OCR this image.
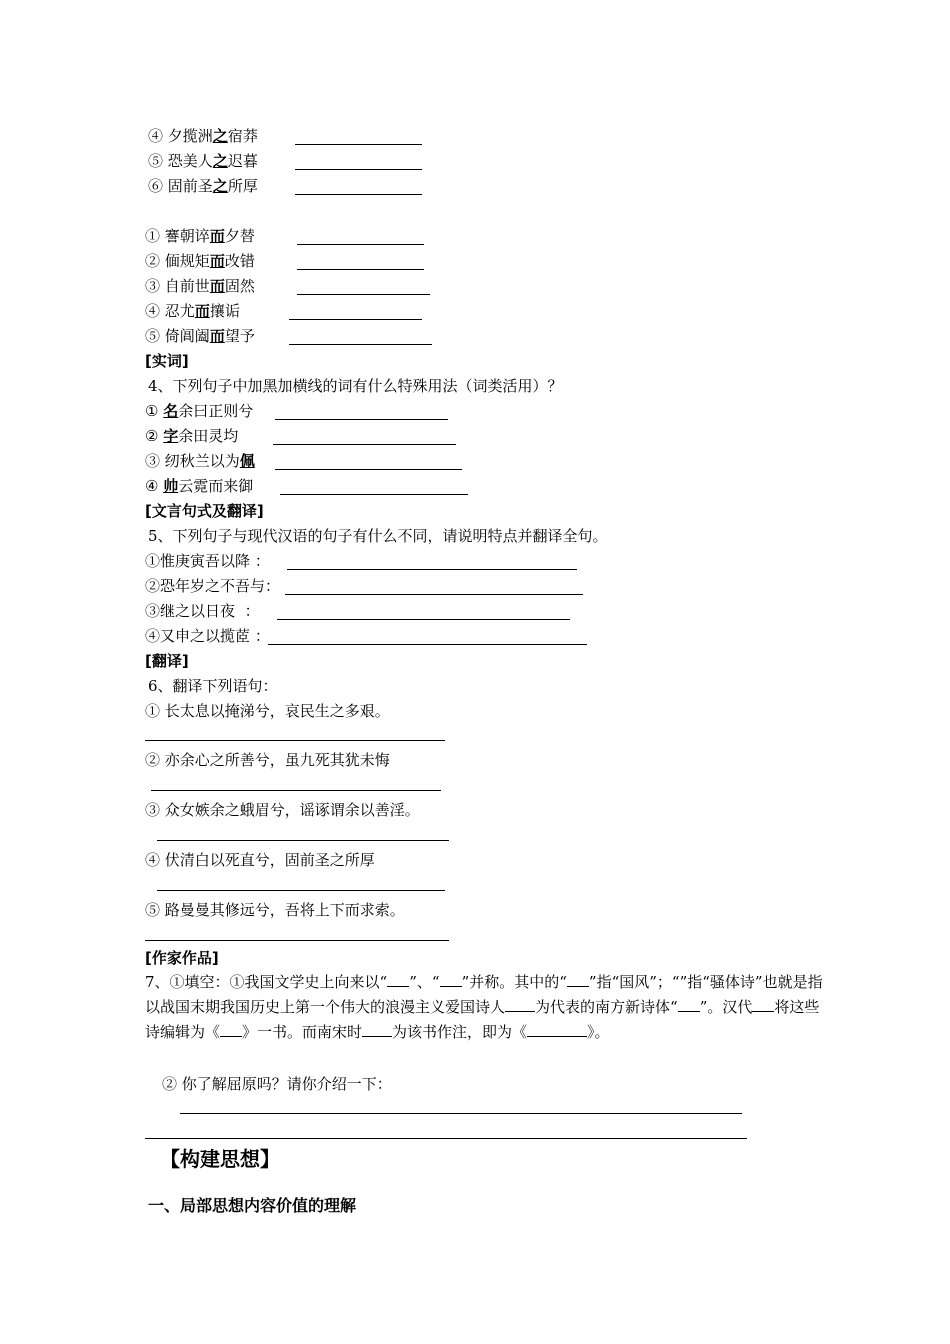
④ 夕揽洲之宿莽
⑤ 恐美人之迟暮
⑥ 固前圣之所厚
① 謇朝谇而夕替
② 偭规矩而改错
③ 自前世而固然
④ 忍尤而攘诟
⑤ 倚阊阖而望予
[实词]
4、下列句子中加黑加横线的词有什么特殊用法（词类活用）？
① 名余曰正则兮
② 字余田灵均
③ 纫秋兰以为佩
④ 帅云霓而来御
[文言句式及翻译]
5、下列句子与现代汉语的句子有什么不同，请说明特点并翻译全句。
①惟庚寅吾以降 ：
②恐年岁之不吾与：
③继之以日夜 ：
④又申之以揽茝 ：
[翻译]
6、翻译下列语句：
① 长太息以掩涕兮，哀民生之多艰。
② 亦余心之所善兮，虽九死其犹未悔
③ 众女嫉余之蛾眉兮，谣诼谓余以善淫。
④ 伏清白以死直兮，固前圣之所厚
⑤ 路曼曼其修远兮，吾将上下而求索。
[作家作品]
7、①填空：①我国文学史上向来以“ ”、“ ”并称。其中的“ ”指“国风”；“”指“骚体诗”也就是指以战国末期我国历史上第一个伟大的浪漫主义爱国诗人 为代表的南方新诗体“ ”。汉代 将这些诗编辑为《 》一书。而南宋时 为该书作注，即为《	》。
② 你了解屈原吗？请你介绍一下：
【构建思想】
一、局部思想内容价值的理解
